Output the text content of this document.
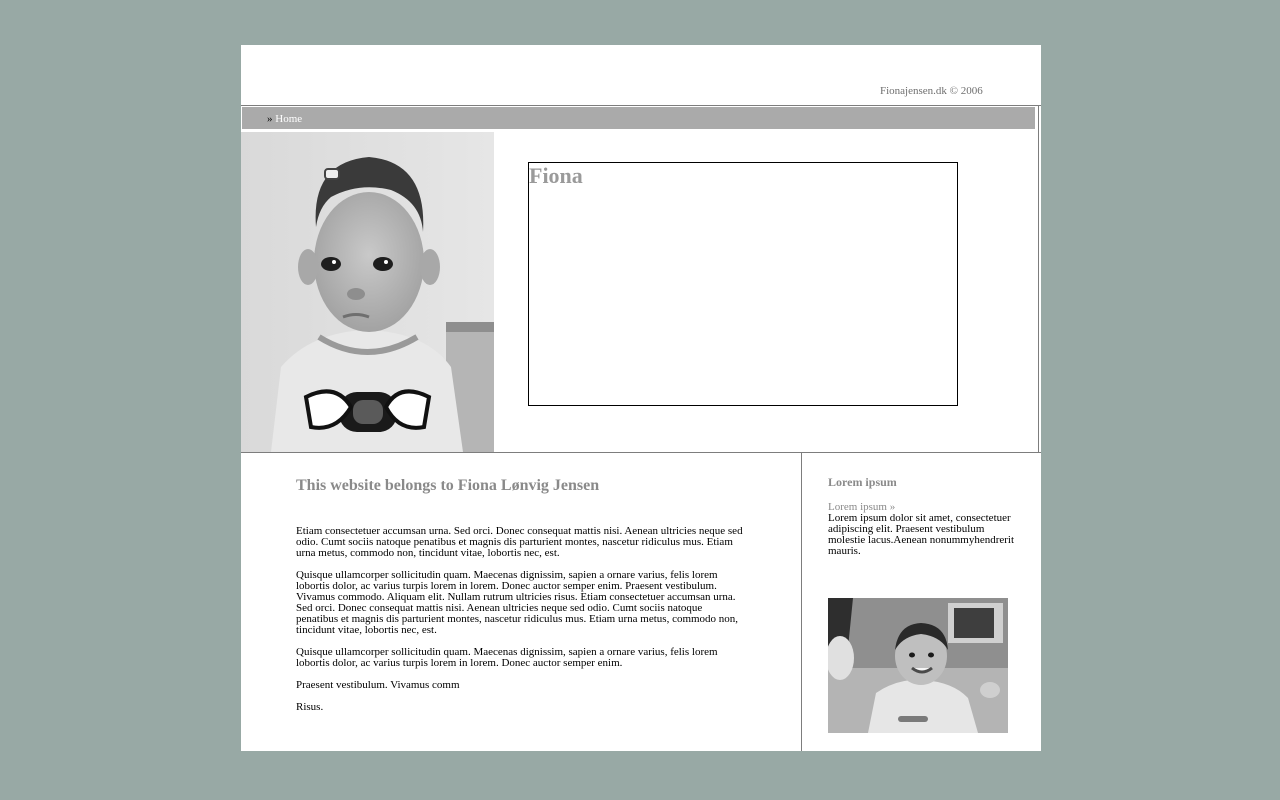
Fionajensen.dk © 2006
» Home
Fiona
This website belongs to Fiona Lønvig Jensen

Etiam consectetuer accumsan urna. Sed orci. Donec consequat mattis nisi. Aenean ultricies neque sed odio. Cumt sociis natoque penatibus et magnis dis parturient montes, nascetur ridiculus mus. Etiam urna metus, commodo non, tincidunt vitae, lobortis nec, est.

Quisque ullamcorper sollicitudin quam. Maecenas dignissim, sapien a ornare varius, felis lorem lobortis dolor, ac varius turpis lorem in lorem. Donec auctor semper enim. Praesent vestibulum. Vivamus commodo. Aliquam elit. Nullam rutrum ultricies risus. Etiam consectetuer accumsan urna. Sed orci. Donec consequat mattis nisi. Aenean ultricies neque sed odio. Cumt sociis natoque penatibus et magnis dis parturient montes, nascetur ridiculus mus. Etiam urna metus, commodo non, tincidunt vitae, lobortis nec, est.

Quisque ullamcorper sollicitudin quam. Maecenas dignissim, sapien a ornare varius, felis lorem lobortis dolor, ac varius turpis lorem in lorem. Donec auctor semper enim.

Praesent vestibulum. Vivamus comm

Risus.

Lorem ipsum
Lorem ipsum »
Lorem ipsum dolor sit amet, consectetuer adipiscing elit. Praesent vestibulum molestie lacus.Aenean nonummyhendrerit mauris.
